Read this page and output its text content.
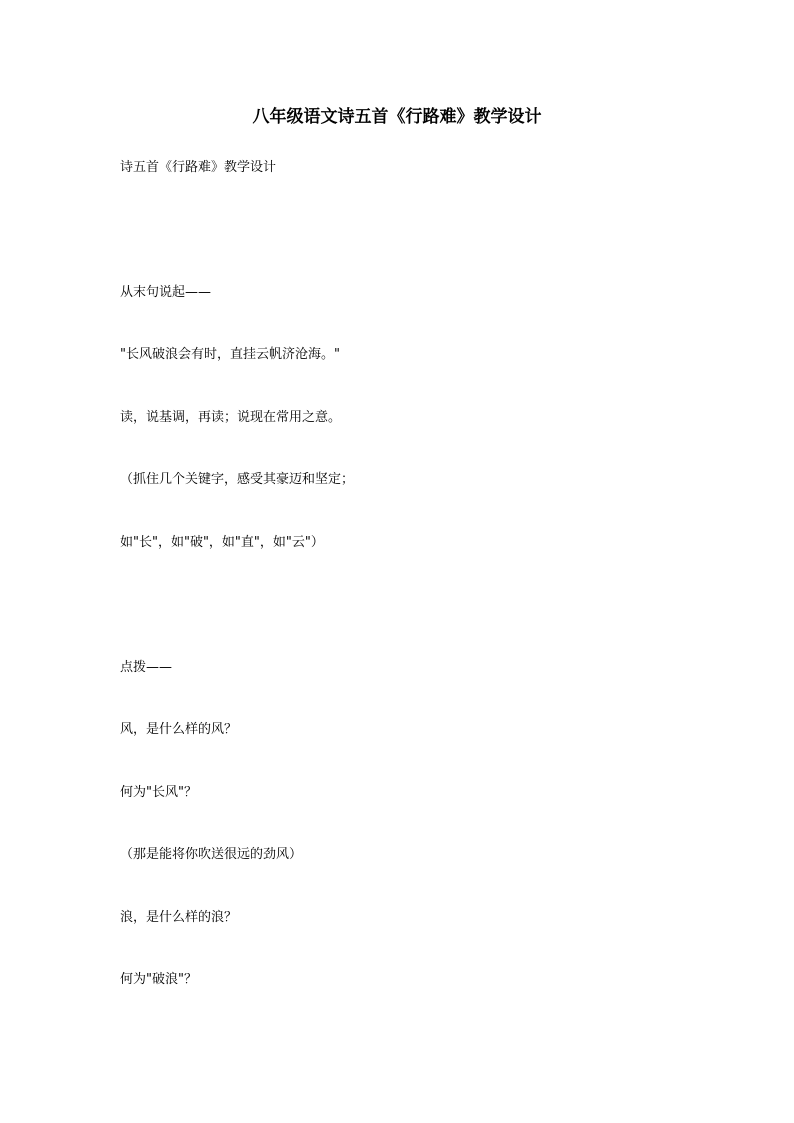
八年级语文诗五首《行路难》教学设计
诗五首《行路难》教学设计
从末句说起——
"长风破浪会有时，直挂云帆济沧海。"
读，说基调，再读；说现在常用之意。
（抓住几个关键字，感受其豪迈和坚定；
如"长"，如"破"，如"直"，如"云"）
点拨——
风，是什么样的风？
何为"长风"？
（那是能将你吹送很远的劲风）
浪，是什么样的浪？
何为"破浪"？
